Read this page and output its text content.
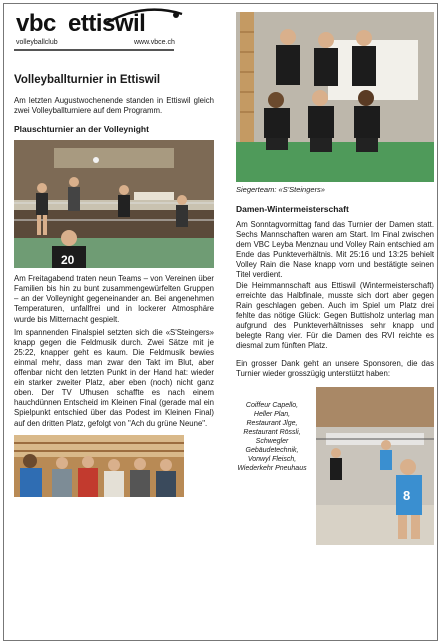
vbc ettiswil
volleyballclub	www.vbce.ch
Volleyballturnier in Ettiswil

Am letzten Augustwochenende standen in Ettiswil gleich zwei Volleyballturniere auf dem Programm.

Plauschturnier an der Volleynight
20

Am Freitagabend traten neun Teams – von Vereinen über Familien bis hin zu bunt zusammengewürfelten Gruppen – an der Volleynight gegeneinander an. Bei angenehmen Temperaturen, unfallfrei und in lockerer Atmosphäre wurde bis Mitternacht gespielt.

Im spannenden Finalspiel setzten sich die «S'Steingers» knapp gegen die Feldmusik durch. Zwei Sätze mit je 25:22, knapper geht es kaum. Die Feldmusik bewies einmal mehr, dass man zwar den Takt im Blut, aber offenbar nicht den letzten Punkt in der Hand hat: wieder ein starker zweiter Platz, aber eben (noch) nicht ganz oben. Der TV Ufhusen schaffte es nach einem hauchdünnen Entscheid im Kleinen Final (gerade mal ein Spielpunkt entschied über das Podest im Kleinen Final) auf den dritten Platz, gefolgt von "Ach du grüne Neune".

Siegerteam: «S'Steingers»
Damen-Wintermeisterschaft

Am Sonntagvormittag fand das Turnier der Damen statt. Sechs Mannschaften waren am Start. Im Final zwischen dem VBC Leyba Menznau und Volley Rain entschied am Ende das Punkteverhältnis. Mit 25:16 und 13:25 behielt Volley Rain die Nase knapp vorn und bestätigte seinen Titel verdient.

Die Heimmannschaft aus Ettiswil (Wintermeisterschaft) erreichte das Halbfinale, musste sich dort aber gegen Rain geschlagen geben. Auch im Spiel um Platz drei fehlte das nötige Glück: Gegen Buttisholz unterlag man aufgrund des Punkteverhältnisses sehr knapp und belegte Rang vier. Für die Damen des RVI reichte es diesmal zum fünften Platz.

Ein grosser Dank geht an unsere Sponsoren, die das Turnier wieder grosszügig unterstützt haben:

Coiffeur Capello, Heller Plan, Restaurant Jlge, Restaurant Rössli, Schwegler Gebäudetechnik, Vonwyl Fleisch, Wiederkehr Pneuhaus
8
